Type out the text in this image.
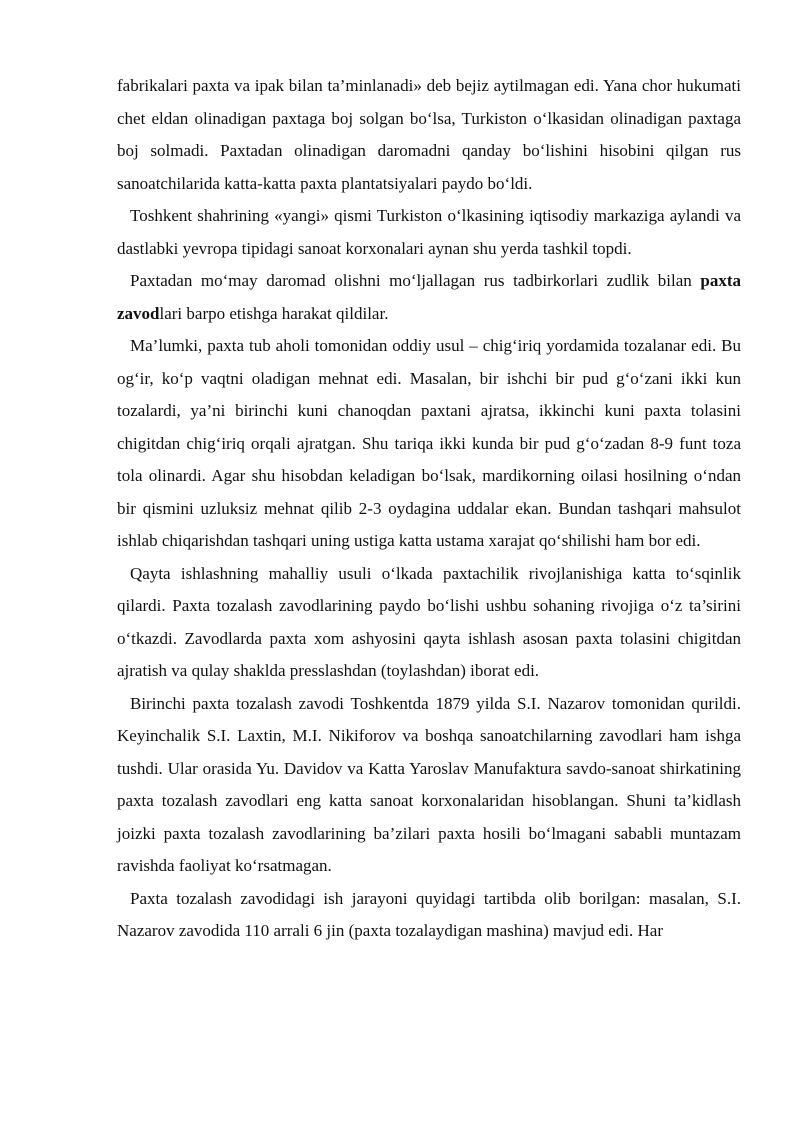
fabrikalari paxta va ipak bilan ta’minlanadi» deb bejiz aytilmagan edi. Yana chor hukumati chet eldan olinadigan paxtaga boj solgan boʻlsa, Turkiston oʻlkasidan olinadigan paxtaga boj solmadi. Paxtadan olinadigan daromadni qanday boʻlishini hisobini qilgan rus sanoatchilarida katta-katta paxta plantatsiyalari paydo boʻldi.

Toshkent shahrining «yangi» qismi Turkiston oʻlkasining iqtisodiy markaziga aylandi va dastlabki yevropa tipidagi sanoat korxonalari aynan shu yerda tashkil topdi.

Paxtadan moʻmay daromad olishni moʻljallagan rus tadbirkorlari zudlik bilan paxta zavodlari barpo etishga harakat qildilar.

Ma’lumki, paxta tub aholi tomonidan oddiy usul – chigʻiriq yordamida tozalanar edi. Bu ogʻir, koʻp vaqtni oladigan mehnat edi. Masalan, bir ishchi bir pud gʻoʻzani ikki kun tozalardi, ya’ni birinchi kuni chanoqdan paxtani ajratsa, ikkinchi kuni paxta tolasini chigitdan chigʻiriq orqali ajratgan. Shu tariqa ikki kunda bir pud gʻoʻzadan 8-9 funt toza tola olinardi. Agar shu hisobdan keladigan boʻlsak, mardikorning oilasi hosilning oʻndan bir qismini uzluksiz mehnat qilib 2-3 oydagina uddalar ekan. Bundan tashqari mahsulot ishlab chiqarishdan tashqari uning ustiga katta ustama xarajat qoʻshilishi ham bor edi.

Qayta ishlashning mahalliy usuli oʻlkada paxtachilik rivojlanishiga katta toʻsqinlik qilardi. Paxta tozalash zavodlarining paydo boʻlishi ushbu sohaning rivojiga oʻz ta’sirini oʻtkazdi. Zavodlarda paxta xom ashyosini qayta ishlash asosan paxta tolasini chigitdan ajratish va qulay shaklda presslashdan (toylashdan) iborat edi.

Birinchi paxta tozalash zavodi Toshkentda 1879 yilda S.I. Nazarov tomonidan qurildi. Keyinchalik S.I. Laxtin, M.I. Nikiforov va boshqa sanoatchilarning zavodlari ham ishga tushdi. Ular orasida Yu. Davidov va Katta Yaroslav Manufaktura savdo-sanoat shirkatining paxta tozalash zavodlari eng katta sanoat korxonalaridan hisoblangan. Shuni ta’kidlash joizki paxta tozalash zavodlarining ba’zilari paxta hosili boʻlmagani sababli muntazam ravishda faoliyat koʻrsatmagan.

Paxta tozalash zavodidagi ish jarayoni quyidagi tartibda olib borilgan: masalan, S.I. Nazarov zavodida 110 arrali 6 jin (paxta tozalaydigan mashina) mavjud edi. Har
